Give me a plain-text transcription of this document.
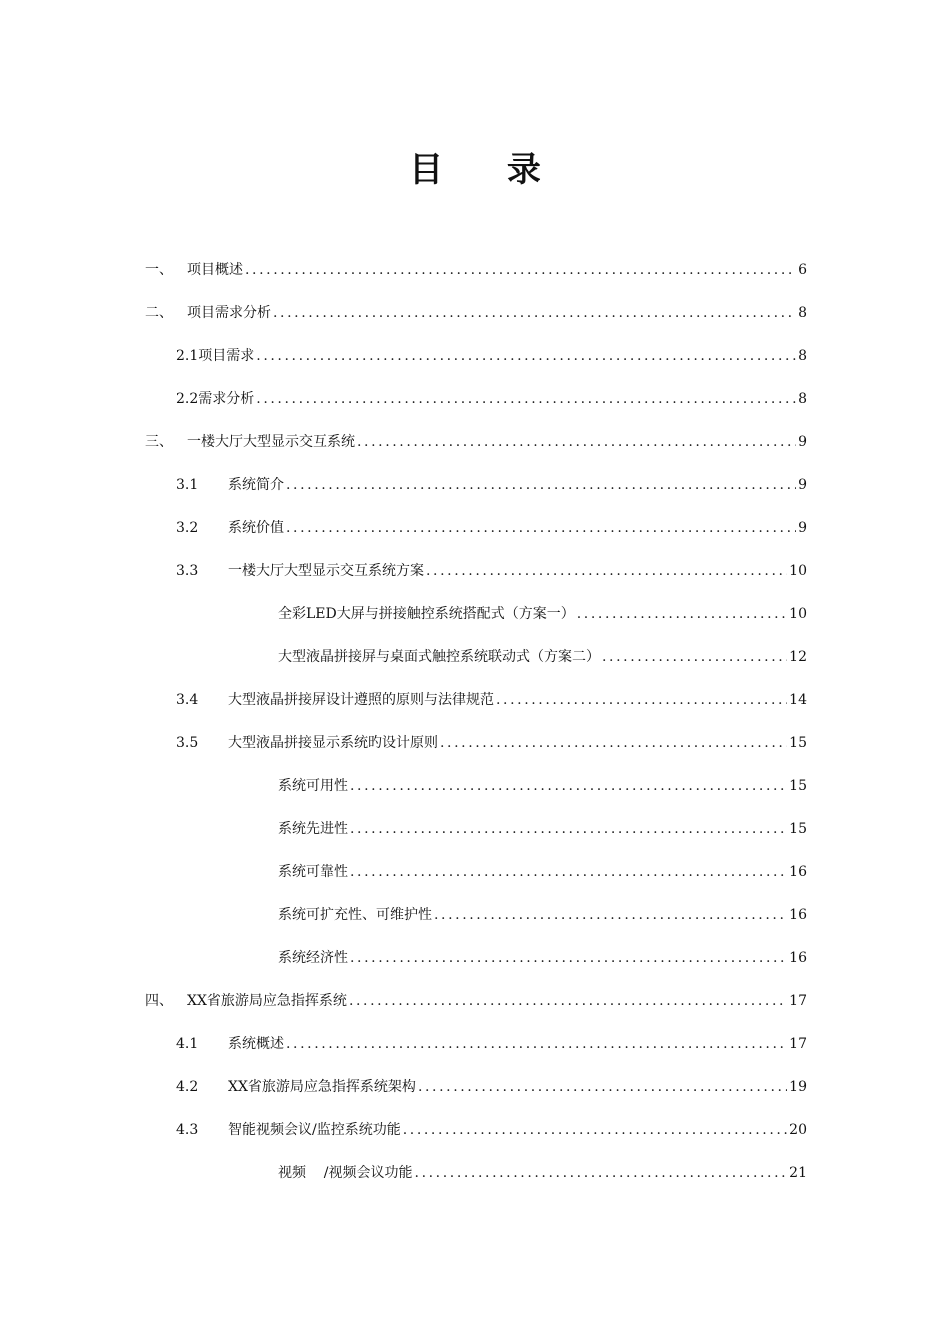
目 录
一、	项目概述 .....	6
二、	项目需求分析 .....	8
2.1项目需求 .....	8
2.2需求分析 .....	8
三、	一楼大厅大型显示交互系统 .....	9
3.1	系统简介 .....	9
3.2	系统价值 .....	9
3.3	一楼大厅大型显示交互系统方案 .....	10
全彩LED大屏与拼接触控系统搭配式（方案一） .....	10
大型液晶拼接屏与桌面式触控系统联动式（方案二） .....	12
3.4	大型液晶拼接屏设计遵照的原则与法律规范 .....	14
3.5	大型液晶拼接显示系统旳设计原则 .....	15
系统可用性 .....	15
系统先进性 .....	15
系统可靠性 .....	16
系统可扩充性、可维护性 .....	16
系统经济性 .....	16
四、	XX省旅游局应急指挥系统 .....	17
4.1	系统概述 .....	17
4.2	XX省旅游局应急指挥系统架构 .....	19
4.3	智能视频会议/监控系统功能 .....	20
视频    /视频会议功能 .....	21
